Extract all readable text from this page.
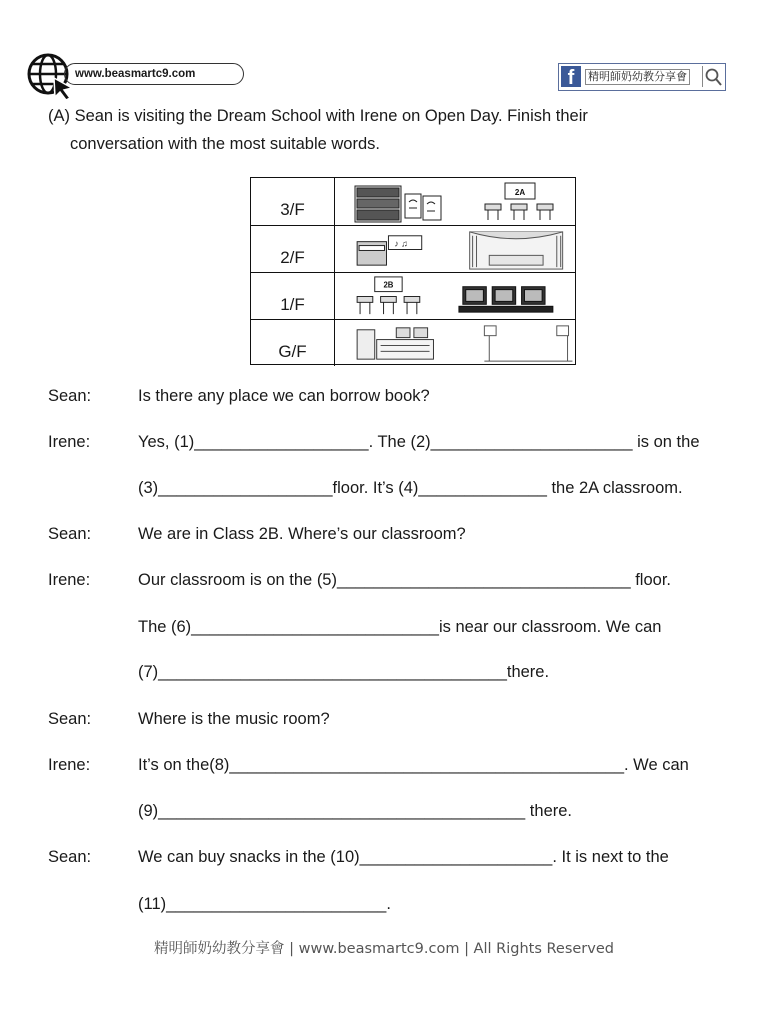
www.beasmartc9.com	f	精明師奶幼教分享會
(A) Sean is visiting the Dream School with Irene on Open Day. Finish their
conversation with the most suitable words.
3/F
2A
2/F
♪ ♫
1/F
2B
G/F
Sean:	Is there any place we can borrow book?
Irene:	Yes, (1)___________________. The (2)______________________ is on the
(3)___________________floor. It’s (4)______________ the 2A classroom.
Sean:	We are in Class 2B. Where’s our classroom?
Irene:	Our classroom is on the (5)________________________________ floor.
The (6)___________________________is near our classroom. We can
(7)______________________________________there.
Sean:	Where is the music room?
Irene:	It’s on the(8)___________________________________________. We can
(9)________________________________________ there.
Sean:	We can buy snacks in the (10)_____________________. It is next to the
(11)________________________.
精明師奶幼教分享會 | www.beasmartc9.com | All Rights Reserved
